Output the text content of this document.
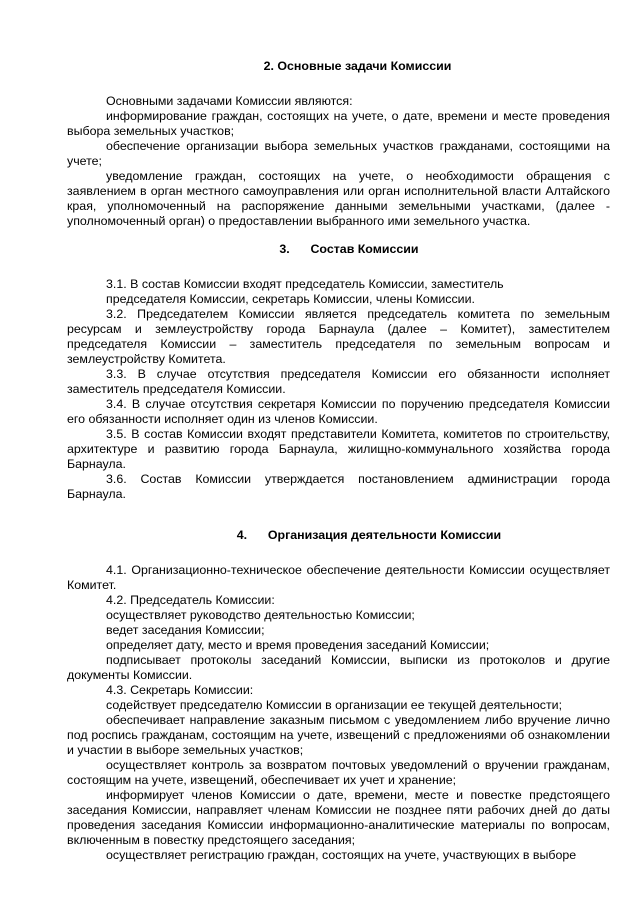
2. Основные задачи Комиссии

Основными задачами Комиссии являются:

информирование граждан, состоящих на учете, о дате, времени и месте проведения выбора земельных участков;

обеспечение организации выбора земельных участков гражданами, состоящими на учете;

уведомление граждан, состоящих на учете, о необходимости обращения с заявлением в орган местного самоуправления или орган исполнительной власти Алтайского края, уполномоченный на распоряжение данными земельными участками, (далее - уполномоченный орган) о предоставлении выбранного ими земельного участка.

3. Состав Комиссии

3.1. В состав Комиссии входят председатель Комиссии, заместитель

председателя Комиссии, секретарь Комиссии, члены Комиссии.

3.2. Председателем Комиссии является председатель комитета по земельным ресурсам и землеустройству города Барнаула (далее – Комитет), заместителем председателя Комиссии – заместитель председателя по земельным вопросам и землеустройству Комитета.

3.3. В случае отсутствия председателя Комиссии его обязанности исполняет заместитель председателя Комиссии.

3.4. В случае отсутствия секретаря Комиссии по поручению председателя Комиссии его обязанности исполняет один из членов Комиссии.

3.5. В состав Комиссии входят представители Комитета, комитетов по строительству, архитектуре и развитию города Барнаула, жилищно-коммунального хозяйства города Барнаула.

3.6. Состав Комиссии утверждается постановлением администрации города Барнаула.

4. Организация деятельности Комиссии

4.1. Организационно-техническое обеспечение деятельности Комиссии осуществляет Комитет.

4.2. Председатель Комиссии:

осуществляет руководство деятельностью Комиссии;

ведет заседания Комиссии;

определяет дату, место и время проведения заседаний Комиссии;

подписывает протоколы заседаний Комиссии, выписки из протоколов и другие документы Комиссии.

4.3. Секретарь Комиссии:

содействует председателю Комиссии в организации ее текущей деятельности;

обеспечивает направление заказным письмом с уведомлением либо вручение лично под роспись гражданам, состоящим на учете, извещений с предложениями об ознакомлении и участии в выборе земельных участков;

осуществляет контроль за возвратом почтовых уведомлений о вручении гражданам, состоящим на учете, извещений, обеспечивает их учет и хранение;

информирует членов Комиссии о дате, времени, месте и повестке предстоящего заседания Комиссии, направляет членам Комиссии не позднее пяти рабочих дней до даты проведения заседания Комиссии информационно-аналитические материалы по вопросам, включенным в повестку предстоящего заседания;

осуществляет регистрацию граждан, состоящих на учете, участвующих в выборе
